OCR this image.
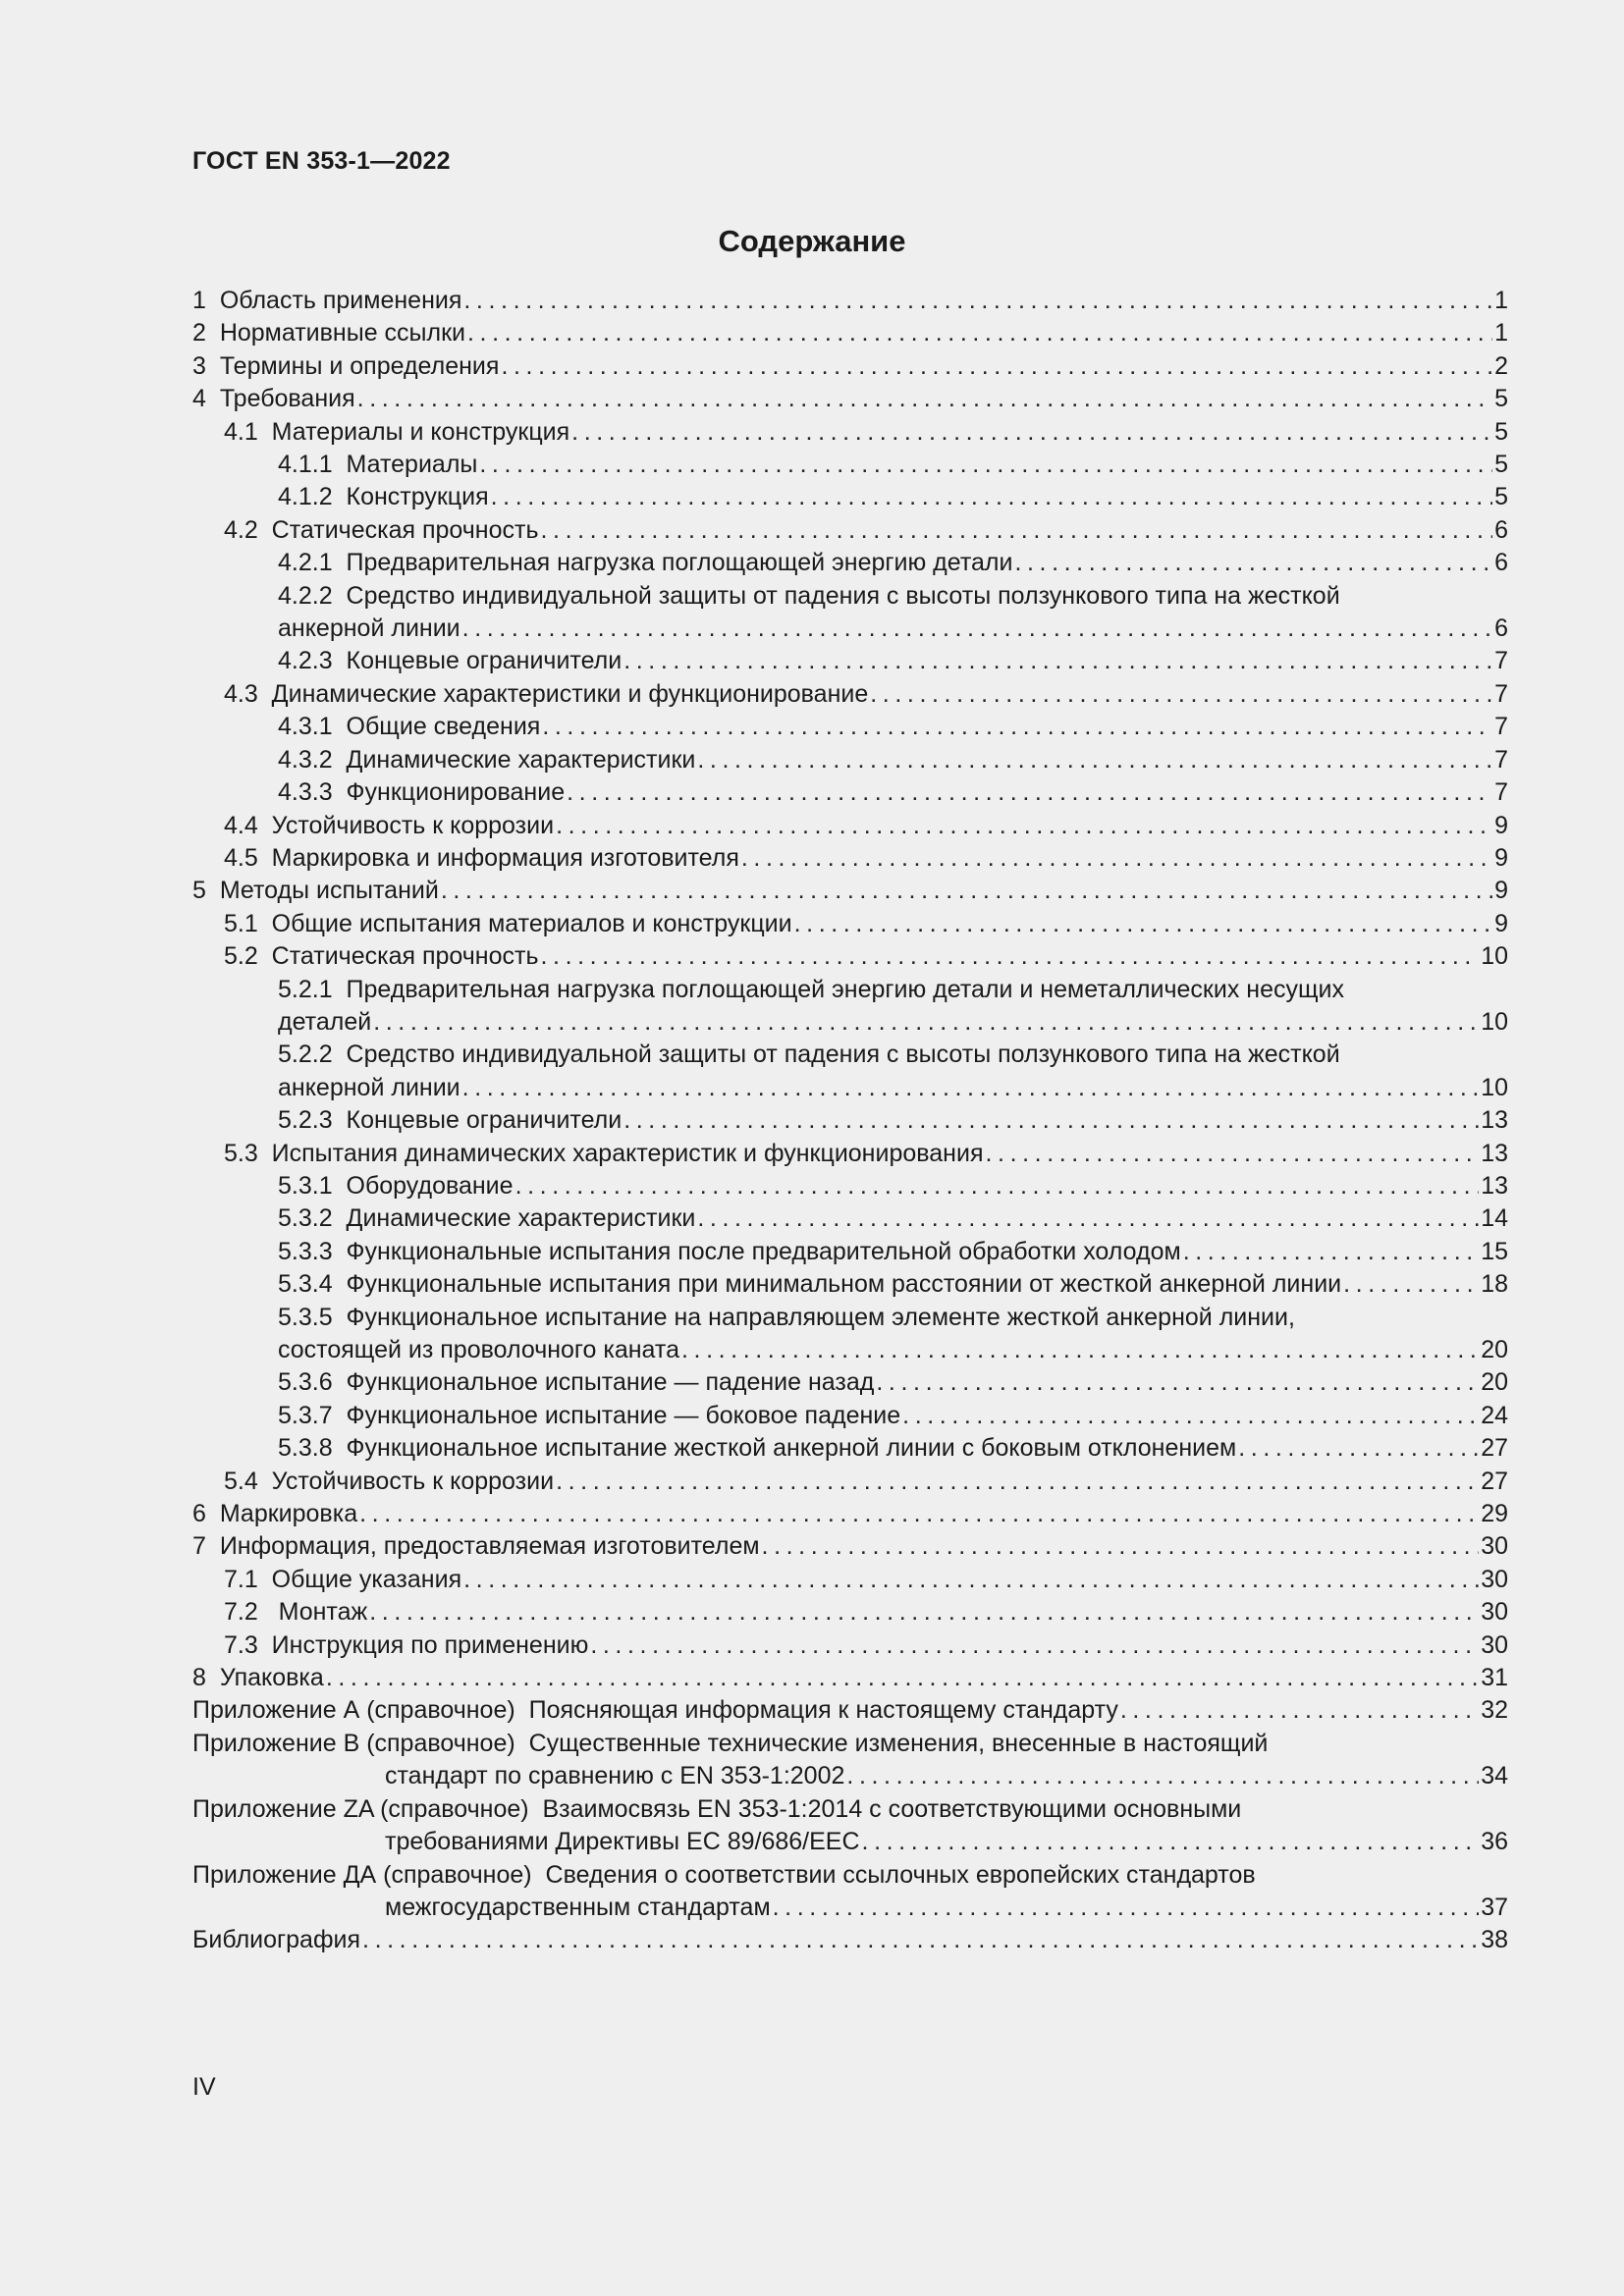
ГОСТ EN 353-1—2022
Содержание
1 Область применения .....	1
2 Нормативные ссылки .....	1
3 Термины и определения .....	2
4 Требования .....	5
4.1 Материалы и конструкция .....	5
4.1.1 Материалы .....	5
4.1.2 Конструкция .....	5
4.2 Статическая прочность .....	6
4.2.1 Предварительная нагрузка поглощающей энергию детали .....	6
4.2.2 Средство индивидуальной защиты от падения с высоты ползункового типа на жесткой
анкерной линии .....	6
4.2.3 Концевые ограничители .....	7
4.3 Динамические характеристики и функционирование .....	7
4.3.1 Общие сведения .....	7
4.3.2 Динамические характеристики .....	7
4.3.3 Функционирование .....	7
4.4 Устойчивость к коррозии .....	9
4.5 Маркировка и информация изготовителя .....	9
5 Методы испытаний .....	9
5.1 Общие испытания материалов и конструкции .....	9
5.2 Статическая прочность .....	10
5.2.1 Предварительная нагрузка поглощающей энергию детали и неметаллических несущих
деталей .....	10
5.2.2 Средство индивидуальной защиты от падения с высоты ползункового типа на жесткой
анкерной линии .....	10
5.2.3 Концевые ограничители .....	13
5.3 Испытания динамических характеристик и функционирования .....	13
5.3.1 Оборудование .....	13
5.3.2 Динамические характеристики .....	14
5.3.3 Функциональные испытания после предварительной обработки холодом .....	15
5.3.4 Функциональные испытания при минимальном расстоянии от жесткой анкерной линии .....	18
5.3.5 Функциональное испытание на направляющем элементе жесткой анкерной линии,
состоящей из проволочного каната .....	20
5.3.6 Функциональное испытание — падение назад .....	20
5.3.7 Функциональное испытание — боковое падение .....	24
5.3.8 Функциональное испытание жесткой анкерной линии с боковым отклонением .....	27
5.4 Устойчивость к коррозии .....	27
6 Маркировка .....	29
7 Информация, предоставляемая изготовителем .....	30
7.1 Общие указания .....	30
7.2 Монтаж .....	30
7.3 Инструкция по применению .....	30
8 Упаковка .....	31
Приложение А (справочное) Поясняющая информация к настоящему стандарту .....	32
Приложение В (справочное) Существенные технические изменения, внесенные в настоящий
стандарт по сравнению с EN 353-1:2002 .....	34
Приложение ZA (справочное) Взаимосвязь EN 353-1:2014 с соответствующими основными
требованиями Директивы ЕС 89/686/ЕЕС .....	36
Приложение ДА (справочное) Сведения о соответствии ссылочных европейских стандартов
межгосударственным стандартам .....	37
Библиография .....	38
IV
